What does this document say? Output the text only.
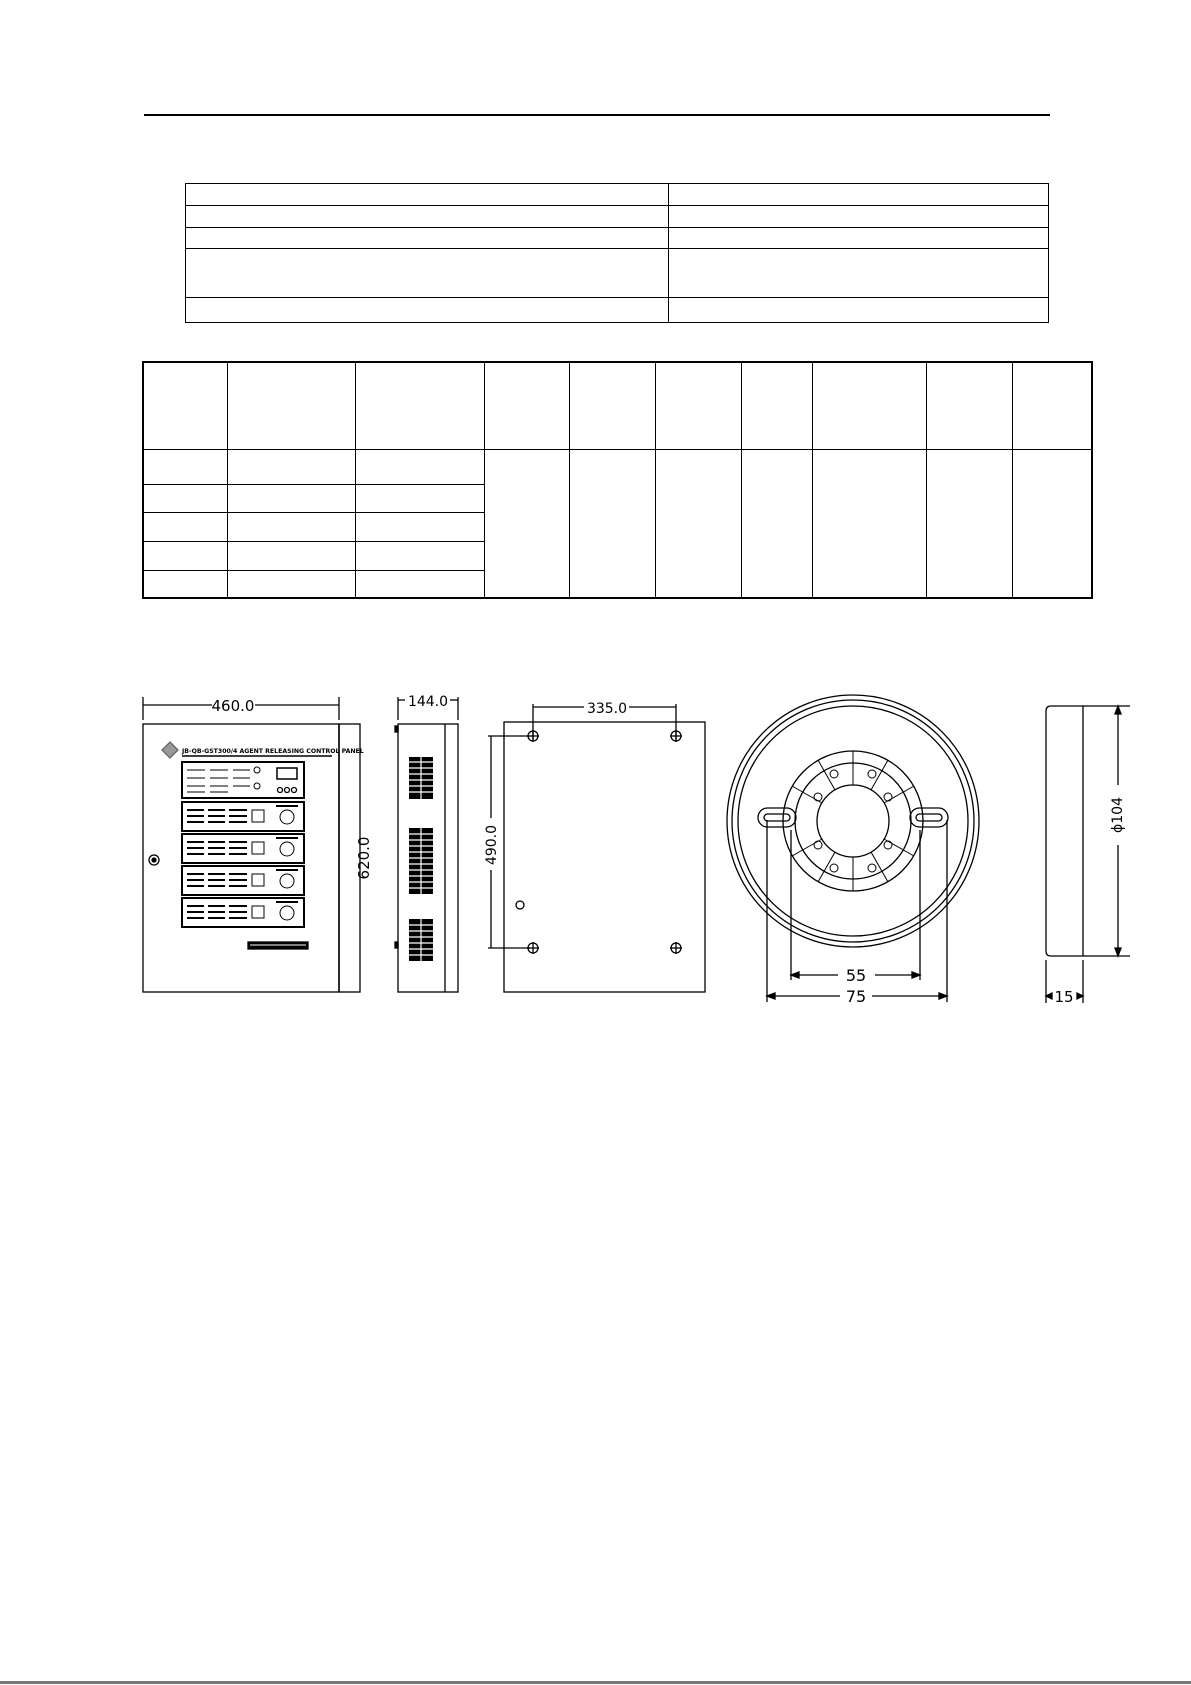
460.0
620.0
JB-QB-GST300/4 AGENT RELEASING CONTROL PANEL
144.0	335.0
490.0
55
75
ϕ104
15
